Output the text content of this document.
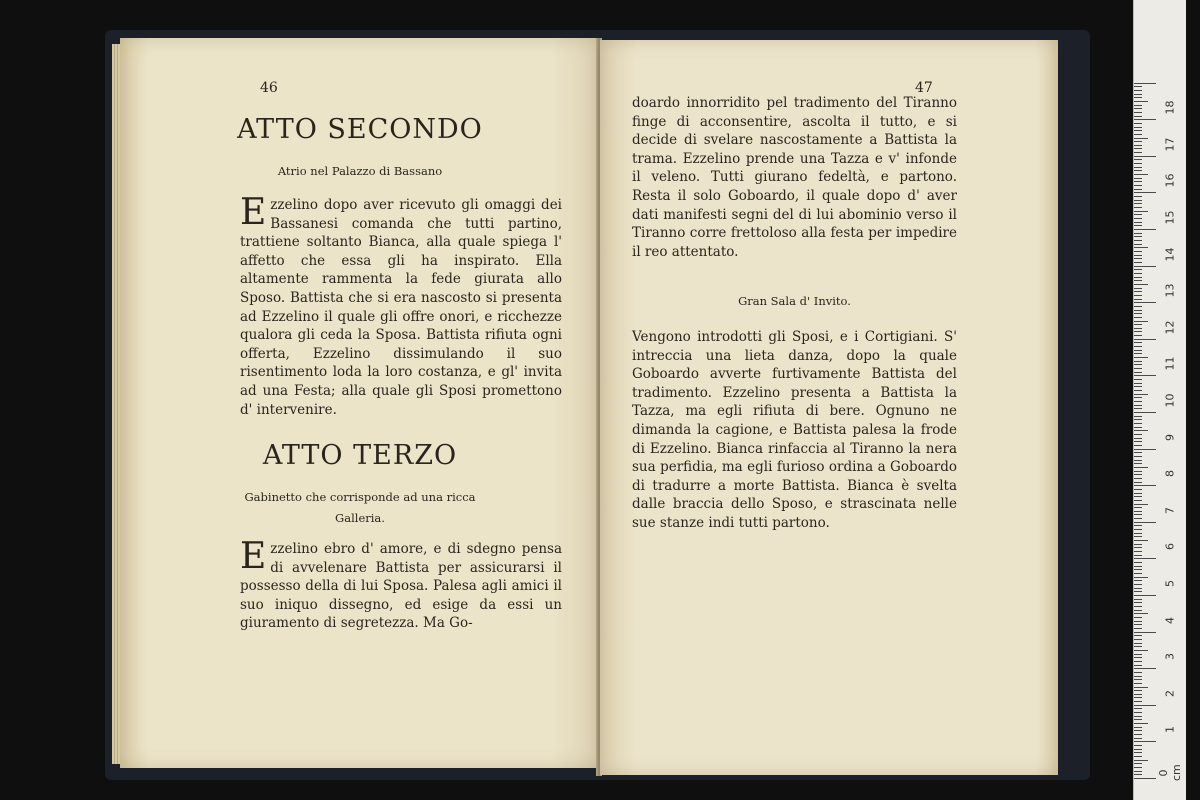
46
ATTO SECONDO
Atrio nel Palazzo di Bassano
Ezzelino dopo aver ricevuto gli omaggi dei Bassanesi comanda che tutti partino, trattiene soltanto Bianca, alla quale spiega l' affetto che essa gli ha inspirato. Ella altamente rammenta la fede giurata allo Sposo. Battista che si era nascosto si presenta ad Ezzelino il quale gli offre onori, e ricchezze qualora gli ceda la Sposa. Battista rifiuta ogni offerta, Ezzelino dissimulando il suo risentimento loda la loro costanza, e gl' invita ad una Festa; alla quale gli Sposi promettono d' intervenire.
ATTO TERZO
Gabinetto che corrisponde ad una ricca
Galleria.
Ezzelino ebro d' amore, e di sdegno pensa di avvelenare Battista per assicurarsi il possesso della di lui Sposa. Palesa agli amici il suo iniquo dissegno, ed esige da essi un giuramento di segretezza. Ma Go-
47
doardo innorridito pel tradimento del Tiranno finge di acconsentire, ascolta il tutto, e si decide di svelare nascostamente a Battista la trama. Ezzelino prende una Tazza e v' infonde il veleno. Tutti giurano fedeltà, e partono. Resta il solo Goboardo, il quale dopo d' aver dati manifesti segni del di lui abominio verso il Tiranno corre frettoloso alla festa per impedire il reo attentato.
Gran Sala d' Invito.
Vengono introdotti gli Sposi, e i Cortigiani. S' intreccia una lieta danza, dopo la quale Goboardo avverte furtivamente Battista del tradimento. Ezzelino presenta a Battista la Tazza, ma egli rifiuta di bere. Ognuno ne dimanda la cagione, e Battista palesa la frode di Ezzelino. Bianca rinfaccia al Tiranno la nera sua perfidia, ma egli furioso ordina a Goboardo di tradurre a morte Battista. Bianca è svelta dalle braccia dello Sposo, e strascinata nelle sue stanze indi tutti partono.
0 cm
1
2
3
4
5
6
7
8
9
10
11
12
13
14
15
16
17
18
